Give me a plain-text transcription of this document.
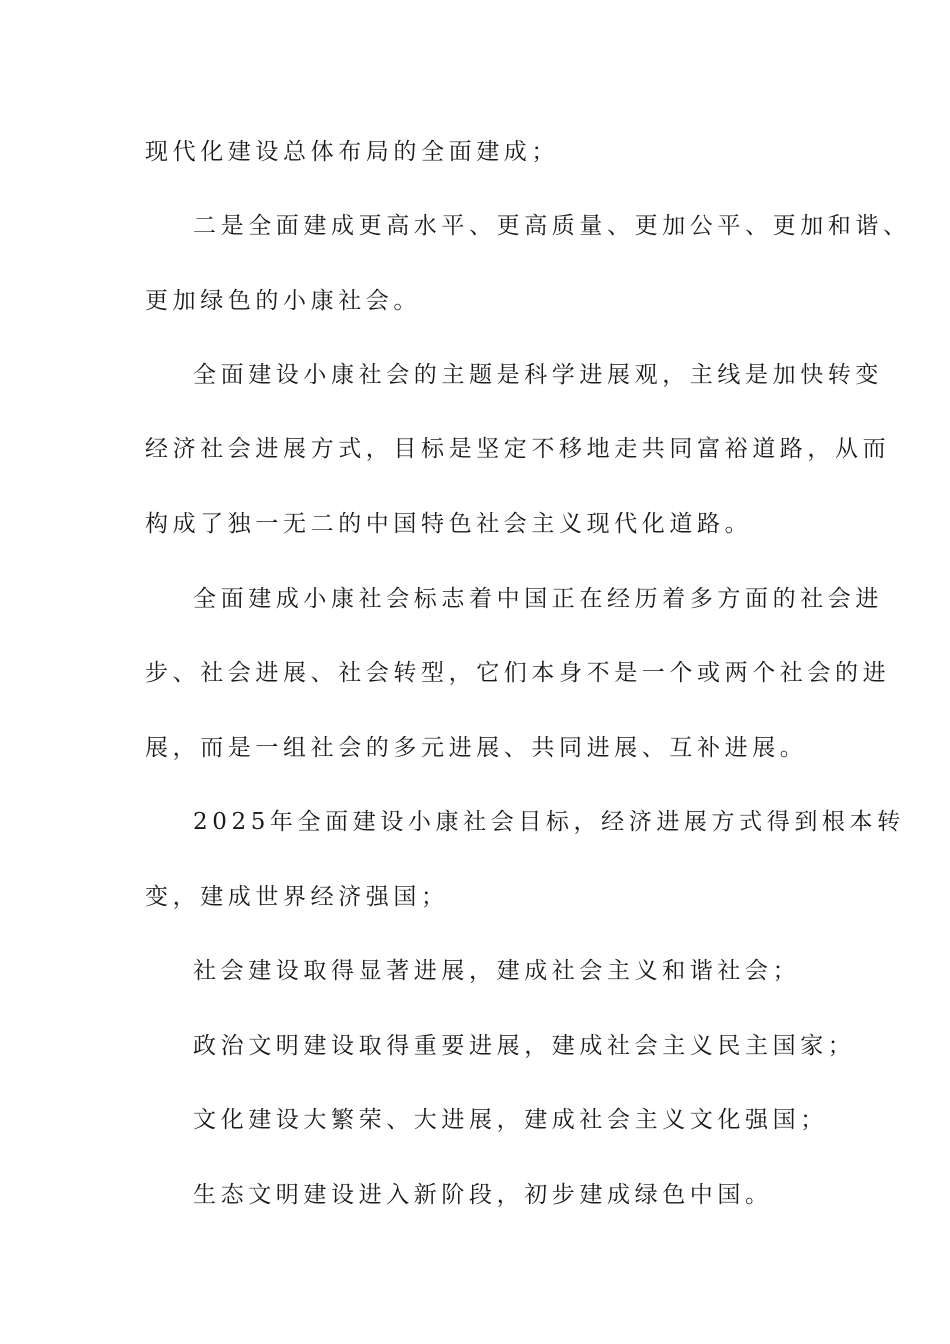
现代化建设总体布局的全面建成；
二是全面建成更高水平、更高质量、更加公平、更加和谐、
更加绿色的小康社会。
全面建设小康社会的主题是科学进展观，主线是加快转变
经济社会进展方式，目标是坚定不移地走共同富裕道路，从而
构成了独一无二的中国特色社会主义现代化道路。
全面建成小康社会标志着中国正在经历着多方面的社会进
步、社会进展、社会转型，它们本身不是一个或两个社会的进
展，而是一组社会的多元进展、共同进展、互补进展。
2025年全面建设小康社会目标，经济进展方式得到根本转
变，建成世界经济强国；
社会建设取得显著进展，建成社会主义和谐社会；
政治文明建设取得重要进展，建成社会主义民主国家；
文化建设大繁荣、大进展，建成社会主义文化强国；
生态文明建设进入新阶段，初步建成绿色中国。
